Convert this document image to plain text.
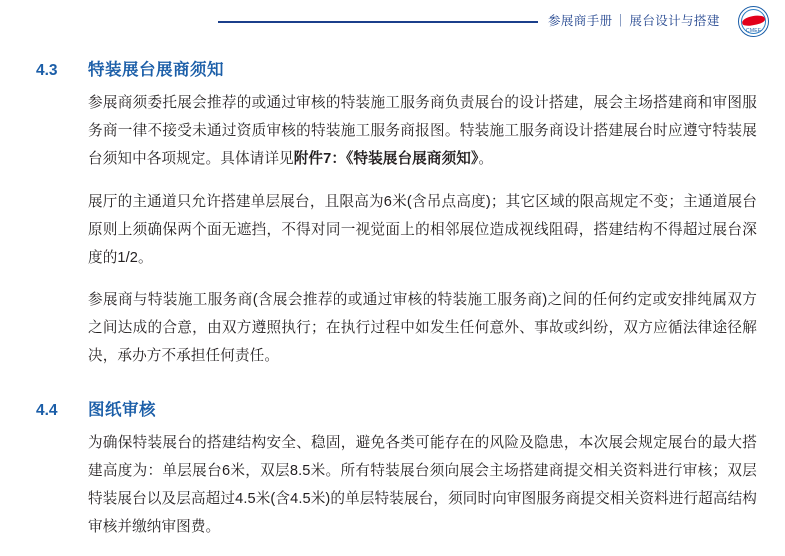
参展商手册 ｜ 展台设计与搭建
CMEF
4.3	特装展台展商须知

参展商须委托展会推荐的或通过审核的特装施工服务商负责展台的设计搭建，展会主场搭建商和审图服务商一律不接受未通过资质审核的特装施工服务商报图。特装施工服务商设计搭建展台时应遵守特装展台须知中各项规定。具体请详见附件7：《特装展台展商须知》。

展厅的主通道只允许搭建单层展台，且限高为6米(含吊点高度)；其它区域的限高规定不变；主通道展台原则上须确保两个面无遮挡，不得对同一视觉面上的相邻展位造成视线阻碍，搭建结构不得超过展台深度的1/2。

参展商与特装施工服务商(含展会推荐的或通过审核的特装施工服务商)之间的任何约定或安排纯属双方之间达成的合意，由双方遵照执行；在执行过程中如发生任何意外、事故或纠纷，双方应循法律途径解决，承办方不承担任何责任。

4.4	图纸审核

为确保特装展台的搭建结构安全、稳固，避免各类可能存在的风险及隐患，本次展会规定展台的最大搭建高度为：单层展台6米，双层8.5米。所有特装展台须向展会主场搭建商提交相关资料进行审核；双层特装展台以及层高超过4.5米(含4.5米)的单层特装展台，须同时向审图服务商提交相关资料进行超高结构审核并缴纳审图费。
